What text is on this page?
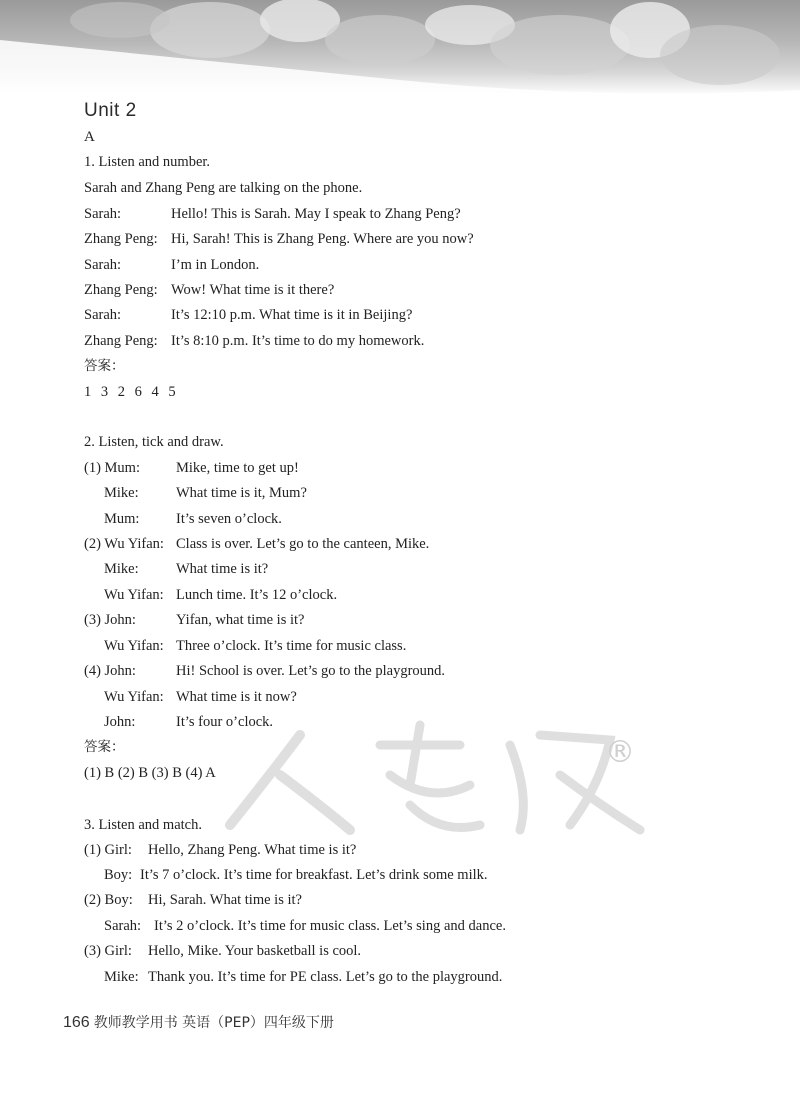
Unit 2
A
1. Listen and number.
Sarah and Zhang Peng are talking on the phone.
Sarah:	Hello! This is Sarah. May I speak to Zhang Peng?
Zhang Peng: Hi, Sarah! This is Zhang Peng. Where are you now?
Sarah:	I’m in London.
Zhang Peng: Wow! What time is it there?
Sarah:	It’s 12:10 p.m. What time is it in Beijing?
Zhang Peng: It’s 8:10 p.m. It’s time to do my homework.
答案：
1 3 2 6 4 5
2. Listen, tick and draw.
(1) Mum: Mike, time to get up!
Mike:	What time is it, Mum?
Mum:	It’s seven o’clock.
(2) Wu Yifan: Class is over. Let’s go to the canteen, Mike.
Mike:	What time is it?
Wu Yifan: Lunch time. It’s 12 o’clock.
(3) John:	Yifan, what time is it?
Wu Yifan: Three o’clock. It’s time for music class.
(4) John:	Hi! School is over. Let’s go to the playground.
Wu Yifan: What time is it now?
John:	It’s four o’clock.
答案：
(1) B (2) B (3) B (4) A
®
3. Listen and match.
(1) Girl: Hello, Zhang Peng. What time is it?
Boy: It’s 7 o’clock. It’s time for breakfast. Let’s drink some milk.
(2) Boy: Hi, Sarah. What time is it?
Sarah: It’s 2 o’clock. It’s time for music class. Let’s sing and dance.
(3) Girl: Hello, Mike. Your basketball is cool.
Mike: Thank you. It’s time for PE class. Let’s go to the playground.
166 教师教学用书 英语（PEP）四年级下册
